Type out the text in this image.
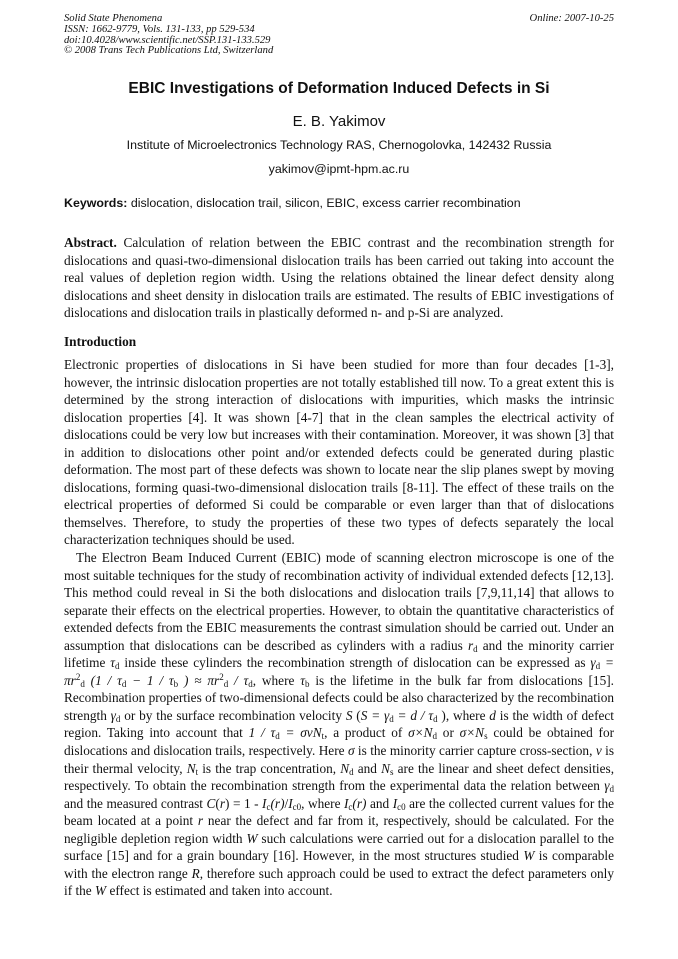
Solid State Phenomena
ISSN: 1662-9779, Vols. 131-133, pp 529-534
doi:10.4028/www.scientific.net/SSP.131-133.529
© 2008 Trans Tech Publications Ltd, Switzerland
Online: 2007-10-25
EBIC Investigations of Deformation Induced Defects in Si
E. B. Yakimov
Institute of Microelectronics Technology RAS, Chernogolovka, 142432 Russia
yakimov@ipmt-hpm.ac.ru
Keywords: dislocation, dislocation trail, silicon, EBIC, excess carrier recombination

Abstract. Calculation of relation between the EBIC contrast and the recombination strength for dislocations and quasi-two-dimensional dislocation trails has been carried out taking into account the real values of depletion region width. Using the relations obtained the linear defect density along dislocations and sheet density in dislocation trails are estimated. The results of EBIC investigations of dislocations and dislocation trails in plastically deformed n- and p-Si are analyzed.

Introduction

Electronic properties of dislocations in Si have been studied for more than four decades [1-3], however, the intrinsic dislocation properties are not totally established till now. To a great extent this is determined by the strong interaction of dislocations with impurities, which masks the intrinsic dislocation properties [4]. It was shown [4-7] that in the clean samples the electrical activity of dislocations could be very low but increases with their contamination. Moreover, it was shown [3] that in addition to dislocations other point and/or extended defects could be generated during plastic deformation. The most part of these defects was shown to locate near the slip planes swept by moving dislocations, forming quasi-two-dimensional dislocation trails [8-11]. The effect of these trails on the electrical properties of deformed Si could be comparable or even larger than that of dislocations themselves. Therefore, to study the properties of these two types of defects separately the local characterization techniques should be used.

The Electron Beam Induced Current (EBIC) mode of scanning electron microscope is one of the most suitable techniques for the study of recombination activity of individual extended defects [12,13]. This method could reveal in Si the both dislocations and dislocation trails [7,9,11,14] that allows to separate their effects on the electrical properties. However, to obtain the quantitative characteristics of extended defects from the EBIC measurements the contrast simulation should be carried out. Under an assumption that dislocations can be described as cylinders with a radius $r_d$ and the minority carrier lifetime $\tau_d$ inside these cylinders the recombination strength of dislocation can be expressed as $\gamma_d = \pi r^2_d$ ($1 / \tau_d - 1 / \tau_b$ ) ≈ $\pi r^2_d / \tau_d$, where $\tau_b$ is the lifetime in the bulk far from dislocations [15]. Recombination properties of two-dimensional defects could be also characterized by the recombination strength $\gamma_d$ or by the surface recombination velocity S ($S = \gamma_d = d / \tau_d$ ), where d is the width of defect region. Taking into account that $1 / \tau_d = \sigma vN_t$, a product of $\sigma\times N_d$ or $\sigma\times N_s$ could be obtained for dislocations and dislocation trails, respectively. Here σ is the minority carrier capture cross-section, v is their thermal velocity, $N_t$ is the trap concentration, $N_d$ and $N_s$ are the linear and sheet defect densities, respectively. To obtain the recombination strength from the experimental data the relation between $\gamma_d$ and the measured contrast $C(r) = 1 - I_c(r)/I_{c0}$, where $I_c(r)$ and $I_{c0}$ are the collected current values for the beam located at a point r near the defect and far from it, respectively, should be calculated. For the negligible depletion region width W such calculations were carried out for a dislocation parallel to the surface [15] and for a grain boundary [16]. However, in the most structures studied W is comparable with the electron range R, therefore such approach could be used to extract the defect parameters only if the W effect is estimated and taken into account.
